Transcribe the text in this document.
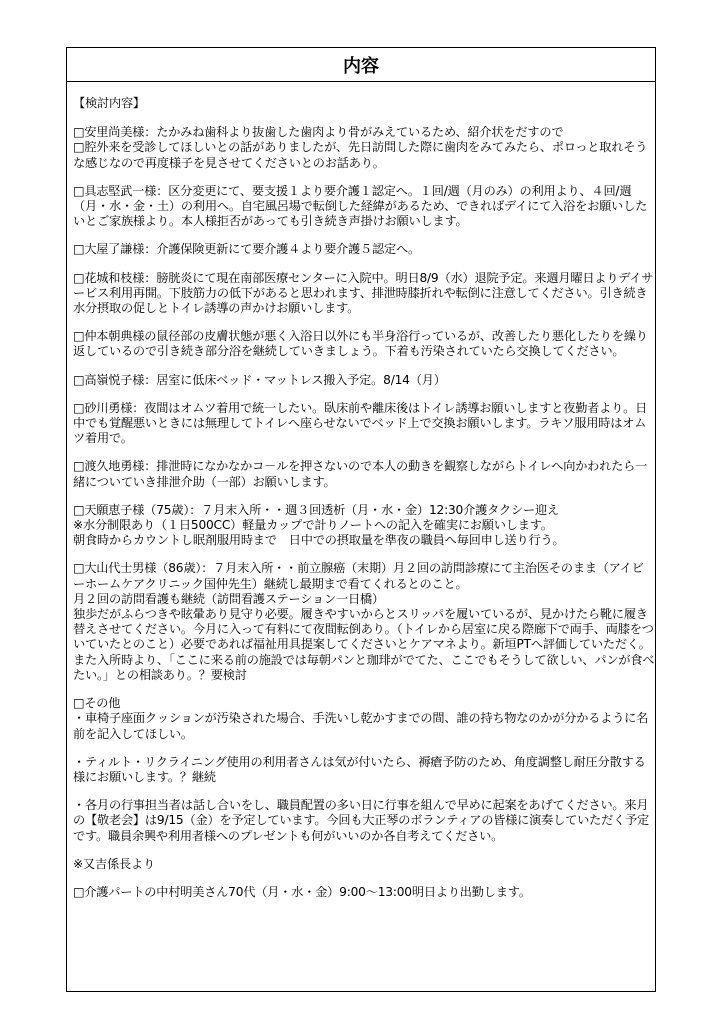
内容
【検討内容】
□安里尚美様：たかみね歯科より抜歯した歯肉より骨がみえているため、紹介状をだすので
□腔外来を受診してほしいとの話がありましたが、先日訪問した際に歯肉をみてみたら、ポロっと取れそうな感じなので再度様子を見させてくださいとのお話あり。
□具志堅武一様：区分変更にて、要支援１より要介護１認定へ。１回/週（月のみ）の利用より、４回/週（月・水・金・土）の利用へ。自宅風呂場で転倒した経緯があるため、できればデイにて入浴をお願いしたいとご家族様より。本人様拒否があっても引き続き声掛けお願いします。
□大屋了謙様：介護保険更新にて要介護４より要介護５認定へ。
□花城和枝様：膀胱炎にて現在南部医療センターに入院中。明日8/9（水）退院予定。来週月曜日よりデイサービス利用再開。下肢筋力の低下があると思われます、排泄時膝折れや転倒に注意してください。引き続き水分摂取の促しとトイレ誘導の声かけお願いします。
□仲本朝典様の鼠径部の皮膚状態が悪く入浴日以外にも半身浴行っているが、改善したり悪化したりを繰り返しているので引き続き部分浴を継続していきましょう。下着も汚染されていたら交換してください。
□高嶺悦子様：居室に低床ベッド・マットレス搬入予定。8/14（月）
□砂川勇様：夜間はオムツ着用で統一したい。臥床前や離床後はトイレ誘導お願いしますと夜勤者より。日中でも覚醒悪いときには無理してトイレへ座らせないでベッド上で交換お願いします。ラキソ服用時はオムツ着用で。
□渡久地勇様：排泄時になかなかコ－ルを押さないので本人の動きを観察しながらトイレへ向かわれたら一緒についていき排泄介助（一部）お願いします。
□天願恵子様（75歳）：７月末入所・・週３回透析（月・水・金）12:30介護タクシー迎え
※水分制限あり（１日500CC）軽量カップで計りノートへの記入を確実にお願いします。
朝食時からカウントし眠剤服用時まで　日中での摂取量を準夜の職員へ毎回申し送り行う。
□大山代士男様（86歳）：７月末入所・・前立腺癌（末期）月２回の訪問診療にて主治医そのまま（アイビーホームケアクリニック国仲先生）継続し最期まで看てくれるとのこと。
月２回の訪問看護も継続（訪問看護ステーション一日橋）
独歩だがふらつきや眩暈あり見守り必要。履きやすいからとスリッパを履いているが、見かけたら靴に履き替えさせてください。今月に入って有料にて夜間転倒あり。（トイレから居室に戻る際廊下で両手、両膝をついていたとのこと）必要であれば福祉用具提案してくださいとケアマネより。新垣PTへ評価していただく。
また入所時より、「ここに来る前の施設では毎朝パンと珈琲がでてた、ここでもそうして欲しい、パンが食べたい。」との相談あり。？要検討
□その他
・車椅子座面クッションが汚染された場合、手洗いし乾かすまでの間、誰の持ち物なのかが分かるように名前を記入してほしい。
・ティルト・リクライニング使用の利用者さんは気が付いたら、褥瘡予防のため、角度調整し耐圧分散する様にお願いします。？継続
・各月の行事担当者は話し合いをし、職員配置の多い日に行事を組んで早めに起案をあげてください。来月の【敬老会】は9/15（金）を予定しています。今回も大正琴のボランティアの皆様に演奏していただく予定です。職員余興や利用者様へのプレゼントも何がいいのか各自考えてください。
※又吉係長より
□介護パートの中村明美さん70代（月・水・金）9:00～13:00明日より出勤します。
